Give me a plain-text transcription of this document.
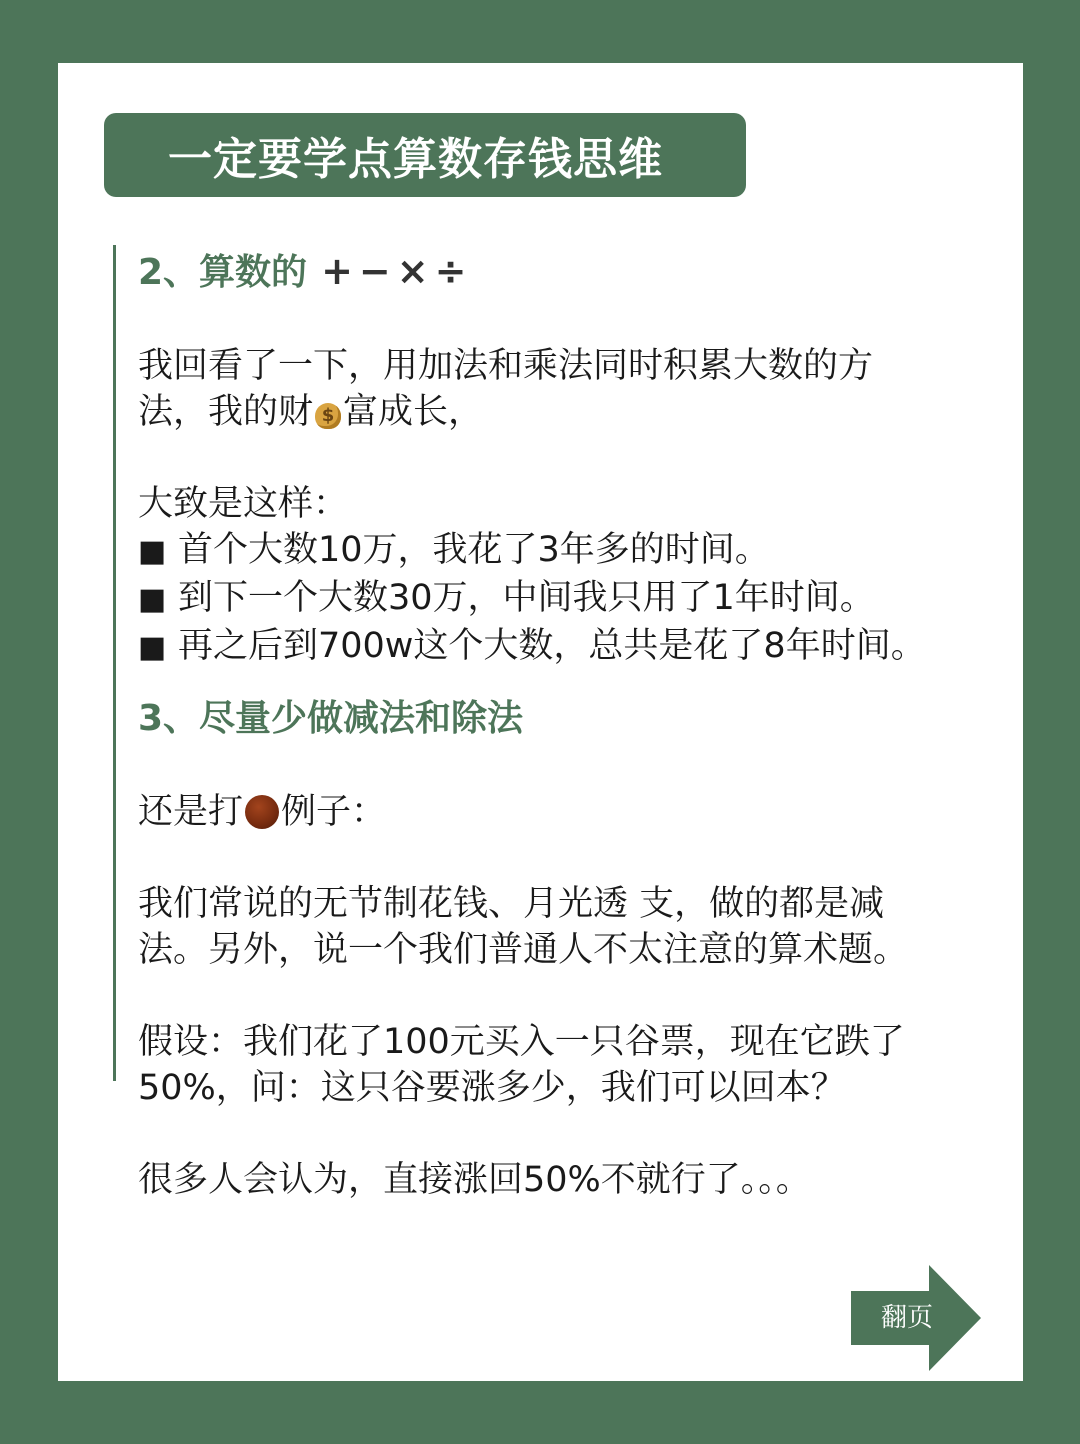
一定要学点算数存钱思维
2、算数的 +−×÷
我回看了一下，用加法和乘法同时积累大数的方
法，我的财$ 富成长，
大致是这样：
■ 首个大数10万，我花了3年多的时间。
■ 到下一个大数30万，中间我只用了1年时间。
■ 再之后到700w这个大数，总共是花了8年时间。
3、尽量少做减法和除法
还是打 例子：
我们常说的无节制花钱、月光透 支，做的都是减
法。另外，说一个我们普通人不太注意的算术题。
假设：我们花了100元买入一只谷票，现在它跌了
50%，问：这只谷要涨多少，我们可以回本？
很多人会认为，直接涨回50%不就行了。。。
翻页
